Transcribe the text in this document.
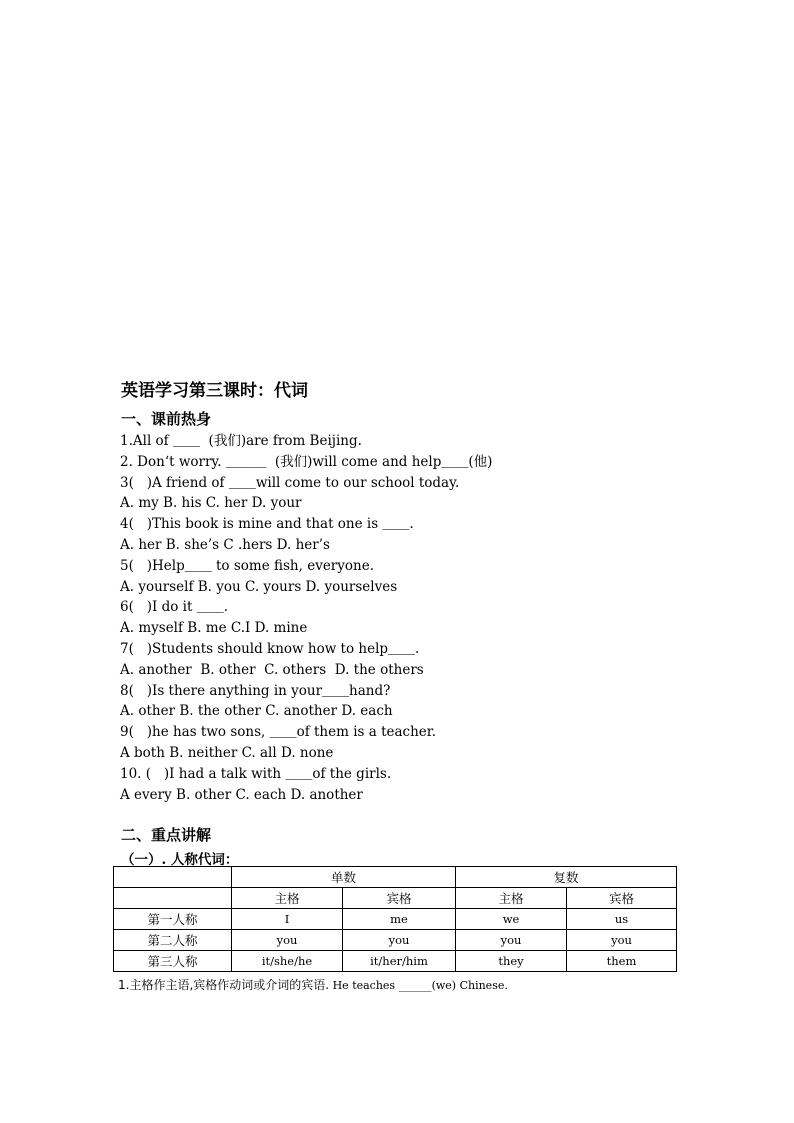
英语学习第三课时：代词
一、课前热身
1.All of ＿＿  (我们)are from Beijing.
2. Don‘t worry. ＿＿＿  (我们)will come and help＿＿(他)
3(   )A friend of ＿＿will come to our school today.
A. my B. his C. her D. your
4(   )This book is mine and that one is ＿＿.
A. her B. she’s C .hers D. her’s
5(   )Help＿＿ to some fish, everyone.
A. yourself B. you C. yours D. yourselves
6(   )I do it ＿＿.
A. myself B. me C.I D. mine
7(   )Students should know how to help＿＿.
A. another  B. other  C. others  D. the others
8(   )Is there anything in your＿＿hand?
A. other B. the other C. another D. each
9(   )he has two sons, ＿＿of them is a teacher.
A both B. neither C. all D. none
10. (   )I had a talk with ＿＿of the girls.
A every B. other C. each D. another
二、重点讲解
（一）. 人称代词：
	单数		复数	
	主格	宾格	主格	宾格
第一人称	I	me	we	us
第二人称	you	you	you	you
第三人称	it/she/he	it/her/him	they	them
1.主格作主语,宾格作动词或介词的宾语. He teaches ______(we) Chinese.
